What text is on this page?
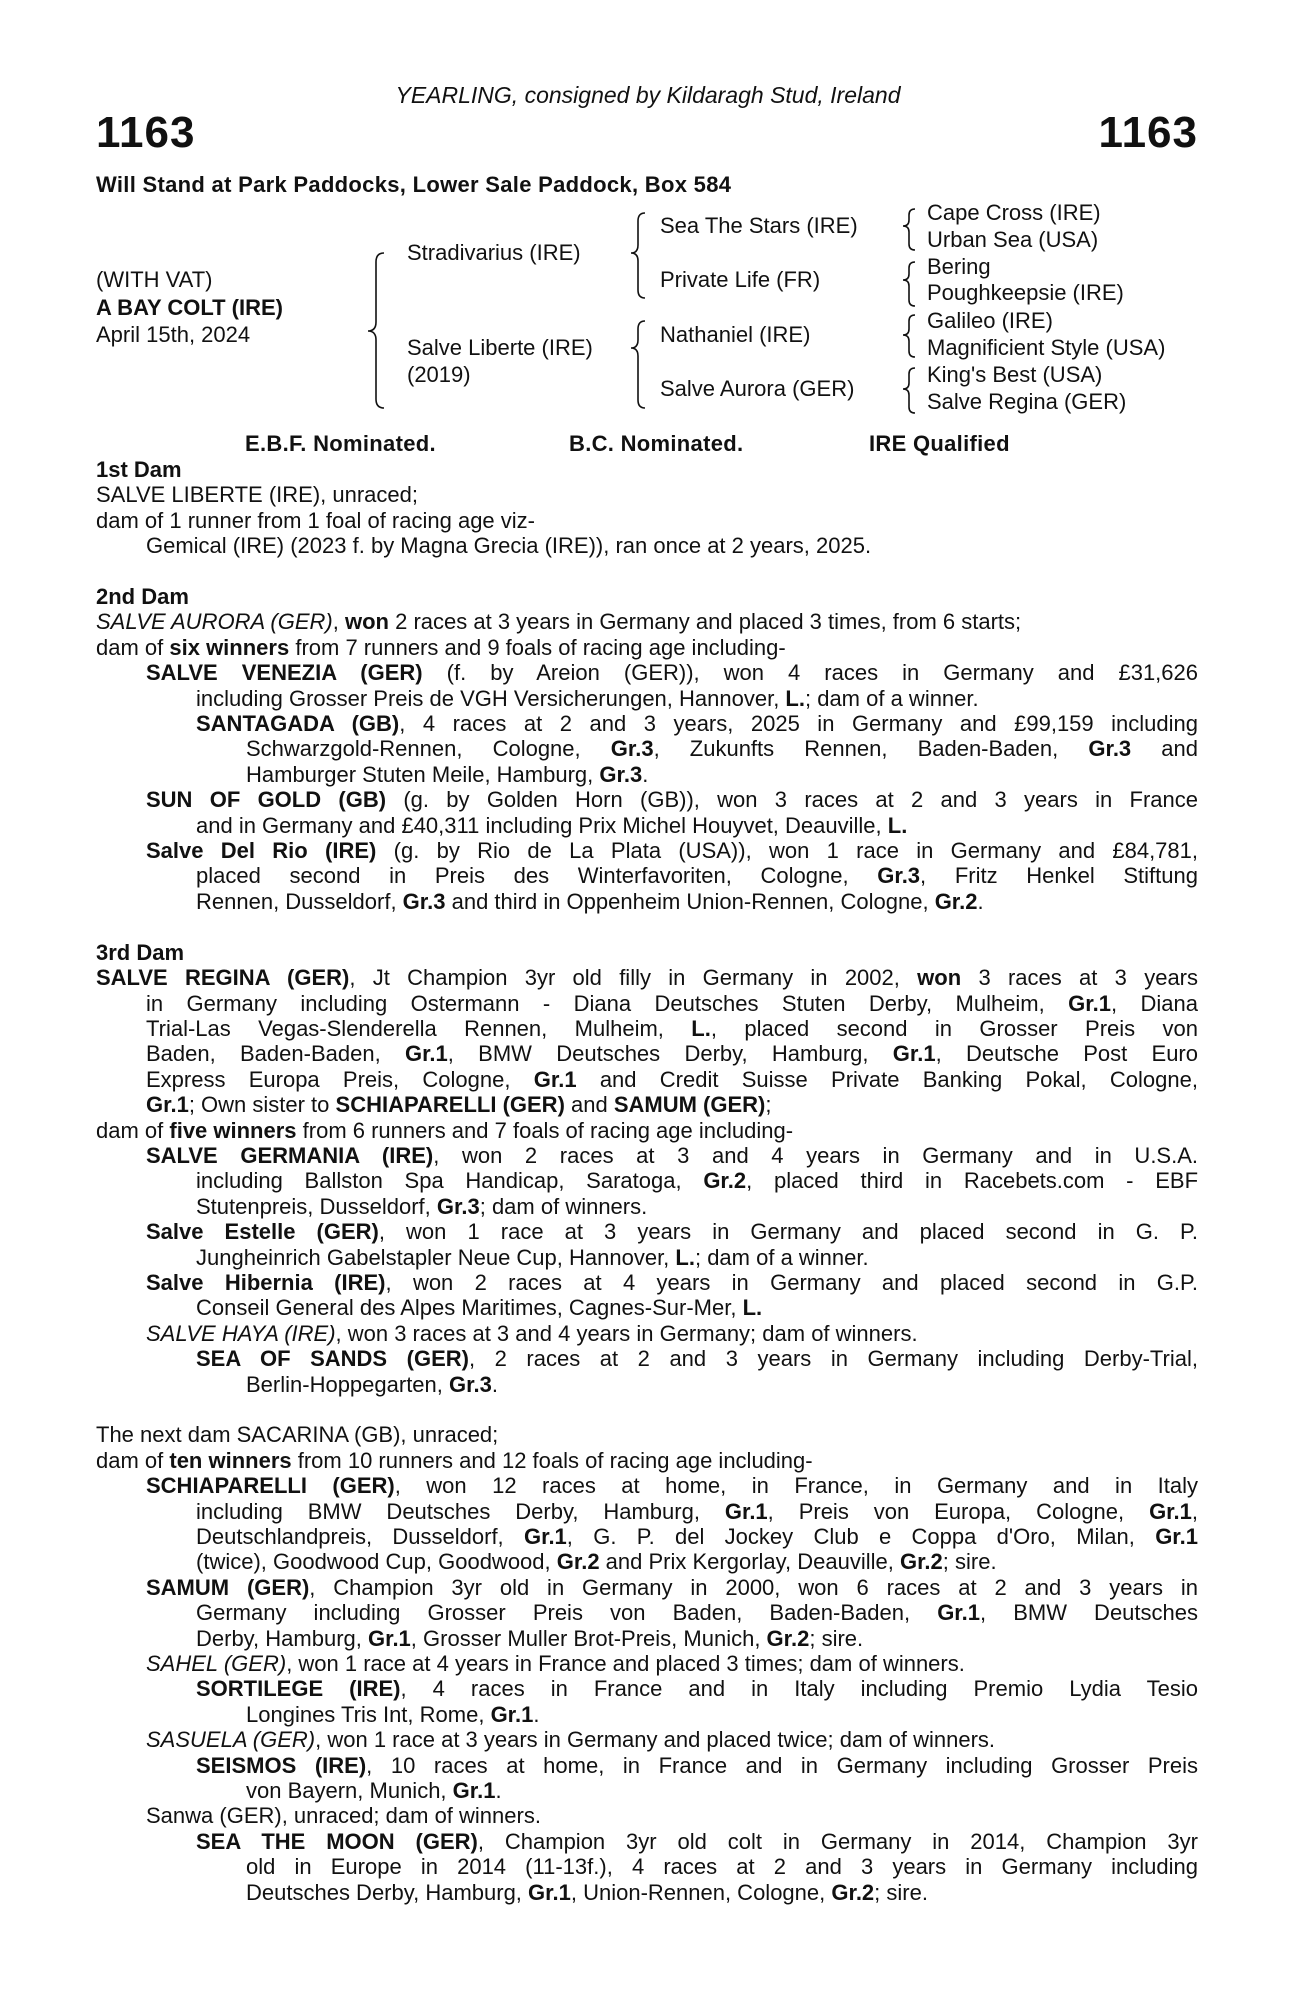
YEARLING, consigned by Kildaragh Stud, Ireland
1163	1163
Will Stand at Park Paddocks, Lower Sale Paddock, Box 584
(WITH VAT)
A BAY COLT (IRE)
April 15th, 2024
Stradivarius (IRE)
Salve Liberte (IRE)
(2019)
Sea The Stars (IRE)
Private Life (FR)
Nathaniel (IRE)
Salve Aurora (GER)
Cape Cross (IRE)
Urban Sea (USA)
Bering
Poughkeepsie (IRE)
Galileo (IRE)
Magnificient Style (USA)
King's Best (USA)
Salve Regina (GER)
E.B.F. Nominated.	B.C. Nominated.	IRE Qualified
1st Dam
SALVE LIBERTE (IRE), unraced;
dam of 1 runner from 1 foal of racing age viz-
Gemical (IRE) (2023 f. by Magna Grecia (IRE)), ran once at 2 years, 2025.
2nd Dam
SALVE AURORA (GER), won 2 races at 3 years in Germany and placed 3 times, from 6 starts;
dam of six winners from 7 runners and 9 foals of racing age including-
SALVE VENEZIA (GER) (f. by Areion (GER)), won 4 races in Germany and £31,626
including Grosser Preis de VGH Versicherungen, Hannover, L.; dam of a winner.
SANTAGADA (GB), 4 races at 2 and 3 years, 2025 in Germany and £99,159 including
Schwarzgold-Rennen, Cologne, Gr.3, Zukunfts Rennen, Baden-Baden, Gr.3 and
Hamburger Stuten Meile, Hamburg, Gr.3.
SUN OF GOLD (GB) (g. by Golden Horn (GB)), won 3 races at 2 and 3 years in France
and in Germany and £40,311 including Prix Michel Houyvet, Deauville, L.
Salve Del Rio (IRE) (g. by Rio de La Plata (USA)), won 1 race in Germany and £84,781,
placed second in Preis des Winterfavoriten, Cologne, Gr.3, Fritz Henkel Stiftung
Rennen, Dusseldorf, Gr.3 and third in Oppenheim Union-Rennen, Cologne, Gr.2.
3rd Dam
SALVE REGINA (GER), Jt Champion 3yr old filly in Germany in 2002, won 3 races at 3 years
in Germany including Ostermann - Diana Deutsches Stuten Derby, Mulheim, Gr.1, Diana
Trial-Las Vegas-Slenderella Rennen, Mulheim, L., placed second in Grosser Preis von
Baden, Baden-Baden, Gr.1, BMW Deutsches Derby, Hamburg, Gr.1, Deutsche Post Euro
Express Europa Preis, Cologne, Gr.1 and Credit Suisse Private Banking Pokal, Cologne,
Gr.1; Own sister to SCHIAPARELLI (GER) and SAMUM (GER);
dam of five winners from 6 runners and 7 foals of racing age including-
SALVE GERMANIA (IRE), won 2 races at 3 and 4 years in Germany and in U.S.A.
including Ballston Spa Handicap, Saratoga, Gr.2, placed third in Racebets.com - EBF
Stutenpreis, Dusseldorf, Gr.3; dam of winners.
Salve Estelle (GER), won 1 race at 3 years in Germany and placed second in G. P.
Jungheinrich Gabelstapler Neue Cup, Hannover, L.; dam of a winner.
Salve Hibernia (IRE), won 2 races at 4 years in Germany and placed second in G.P.
Conseil General des Alpes Maritimes, Cagnes-Sur-Mer, L.
SALVE HAYA (IRE), won 3 races at 3 and 4 years in Germany; dam of winners.
SEA OF SANDS (GER), 2 races at 2 and 3 years in Germany including Derby-Trial,
Berlin-Hoppegarten, Gr.3.
The next dam SACARINA (GB), unraced;
dam of ten winners from 10 runners and 12 foals of racing age including-
SCHIAPARELLI (GER), won 12 races at home, in France, in Germany and in Italy
including BMW Deutsches Derby, Hamburg, Gr.1, Preis von Europa, Cologne, Gr.1,
Deutschlandpreis, Dusseldorf, Gr.1, G. P. del Jockey Club e Coppa d'Oro, Milan, Gr.1
(twice), Goodwood Cup, Goodwood, Gr.2 and Prix Kergorlay, Deauville, Gr.2; sire.
SAMUM (GER), Champion 3yr old in Germany in 2000, won 6 races at 2 and 3 years in
Germany including Grosser Preis von Baden, Baden-Baden, Gr.1, BMW Deutsches
Derby, Hamburg, Gr.1, Grosser Muller Brot-Preis, Munich, Gr.2; sire.
SAHEL (GER), won 1 race at 4 years in France and placed 3 times; dam of winners.
SORTILEGE (IRE), 4 races in France and in Italy including Premio Lydia Tesio
Longines Tris Int, Rome, Gr.1.
SASUELA (GER), won 1 race at 3 years in Germany and placed twice; dam of winners.
SEISMOS (IRE), 10 races at home, in France and in Germany including Grosser Preis
von Bayern, Munich, Gr.1.
Sanwa (GER), unraced; dam of winners.
SEA THE MOON (GER), Champion 3yr old colt in Germany in 2014, Champion 3yr
old in Europe in 2014 (11-13f.), 4 races at 2 and 3 years in Germany including
Deutsches Derby, Hamburg, Gr.1, Union-Rennen, Cologne, Gr.2; sire.
